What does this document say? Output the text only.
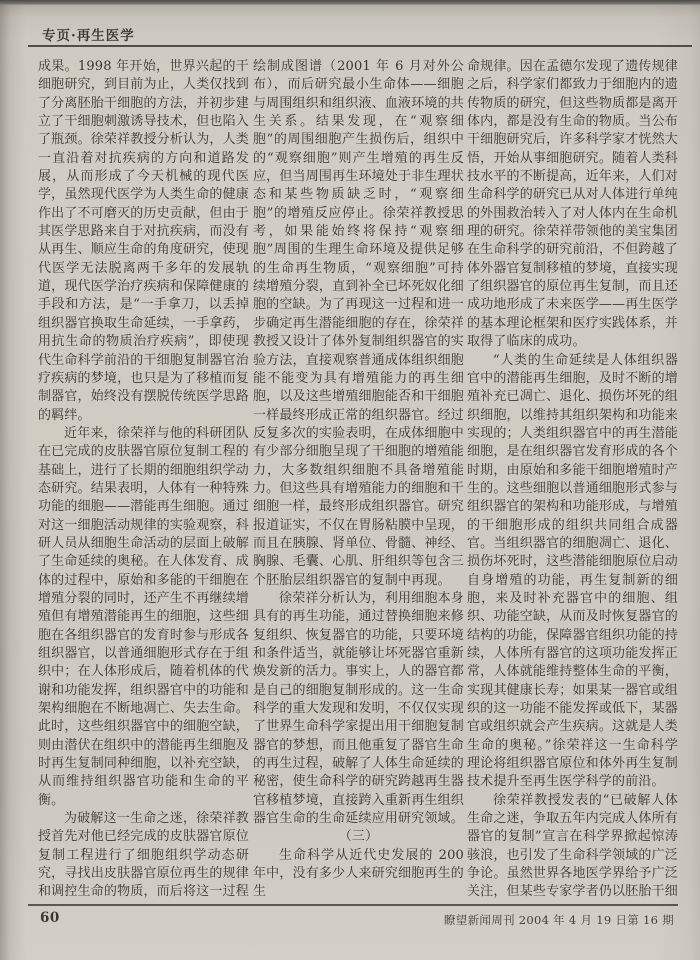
专页·再生医学

成果。1998 年开始，世界兴起的干细胞研究，到目前为止，人类仅找到了分离胚胎干细胞的方法，并初步建立了干细胞刺激诱导技术，但也陷入了瓶颈。徐荣祥教授分析认为，人类一直沿着对抗疾病的方向和道路发展，从而形成了今天机械的现代医学，虽然现代医学为人类生命的健康作出了不可磨灭的历史贡献，但由于其医学思路来自于对抗疾病，而没有从再生、顺应生命的角度研究，使现代医学无法脱离两千多年的发展轨道，现代医学治疗疾病和保障健康的手段和方法，是“一手拿刀，以丢掉组织器官换取生命延续，一手拿药，用抗生命的物质治疗疾病”，即使现代生命科学前沿的干细胞复制器官治疗疾病的梦境，也只是为了移植而复制器官，始终没有摆脱传统医学思路的羁绊。

近年来，徐荣祥与他的科研团队在已完成的皮肤器官原位复制工程的基础上，进行了长期的细胞组织学动态研究。结果表明，人体有一种特殊功能的细胞——潜能再生细胞。通过对这一细胞活动规律的实验观察，科研人员从细胞生命活动的层面上破解了生命延续的奥秘。在人体发育、成体的过程中，原始和多能的干细胞在增殖分裂的同时，还产生不再继续增殖但有增殖潜能再生的细胞，这些细胞在各组织器官的发育时参与形成各组织器官，以普通细胞形式存在于组织中；在人体形成后，随着机体的代谢和功能发挥，组织器官中的功能和架构细胞在不断地凋亡、失去生命。此时，这些组织器官中的细胞空缺，则由潜伏在组织中的潜能再生细胞及时再生复制同种细胞，以补充空缺，从而维持组织器官功能和生命的平衡。

为破解这一生命之迷，徐荣祥教授首先对他已经完成的皮肤器官原位复制工程进行了细胞组织学动态研究，寻找出皮肤器官原位再生的规律和调控生命的物质，而后将这一过程

绘制成图谱（2001 年 6 月对外公布），而后研究最小生命体——细胞与周围组织和组织液、血液环境的共生关系。结果发现，在“观察细胞”的周围细胞产生损伤后，组织中的“观察细胞”则产生增殖的再生反应，但当周围再生环境处于非生理状态和某些物质缺乏时，“观察细胞”的增殖反应停止。徐荣祥教授思考，如果能始终将保持“观察细胞”周围的生理生命环境及提供足够的生命再生物质，“观察细胞”可持续增殖分裂，直到补全已坏死奴化细胞的空缺。为了再现这一过程和进一步确定再生潜能细胞的存在，徐荣祥教授又设计了体外复制组织器官的实验方法，直接观察普通成体组织细胞能不能变为具有增殖能力的再生细胞，以及这些增殖细胞能否和干细胞一样最终形成正常的组织器官。经过反复多次的实验表明，在成体细胞中有少部分细胞呈现了干细胞的增殖能力，大多数组织细胞不具备增殖能力。但这些具有增殖能力的细胞和干细胞一样，最终形成组织器官。研究报道证实，不仅在胃肠粘膜中呈现，而且在胰腺、肾单位、骨髓、神经、胸腺、毛囊、心肌、肝组织等包含三个胚胎层组织器官的复制中再现。

徐荣祥分析认为，利用细胞本身具有的再生功能，通过替换细胞来修复组织、恢复器官的功能，只要环境和条件适当，就能够让坏死器官重新焕发新的活力。事实上，人的器官都是自己的细胞复制形成的。这一生命科学的重大发现和发明，不仅仅实现了世界生命科学家提出用干细胞复制器官的梦想，而且他重复了器官生命的再生过程，破解了人体生命延续的秘密，使生命科学的研究跨越再生器官移植梦境，直接跨入重新再生组织器官生命的生命延续应用研究领域。

（三）

生命科学从近代史发展的 200 年中，没有多少人来研究细胞再生的生

命规律。因在孟德尔发现了遗传规律之后，科学家们都致力于细胞内的遗传物质的研究，但这些物质都是离开体内，都是没有生命的物质。当公布干细胞研究后，许多科学家才恍然大悟，开始从事细胞研究。随着人类科技水平的不断提高，近年来，人们对生命科学的研究已从对人体进行单纯的外围救治转入了对人体内在生命机理的研究。徐荣祥带领他的美宝集团在生命科学的研究前沿，不但跨越了体外器官复制移植的梦境，直接实现了组织器官的原位再生复制，而且还成功地形成了未来医学——再生医学的基本理论框架和医疗实践体系，并取得了临床的成功。

“人类的生命延续是人体组织器官中的潜能再生细胞，及时不断的增殖补充已凋亡、退化、损伤坏死的组织细胞，以维持其组织架构和功能来实现的；人类组织器官中的再生潜能细胞，是在组织器官发育形成的各个时期，由原始和多能干细胞增殖时产生的。这些细胞以普通细胞形式参与组织器官的架构和功能形成，与增殖的干细胞形成的组织共同组合成器官。当组织器官的细胞凋亡、退化、损伤坏死时，这些潜能细胞原位启动自身增殖的功能，再生复制新的细胞，来及时补充器官中的细胞、组织、功能空缺，从而及时恢复器官的结构的功能，保障器官组织功能的持续，人体所有器官的这项功能发挥正常，人体就能维持整体生命的平衡，实现其健康长寿；如果某一器官或组织的这一功能不能发挥或低下，某器官或组织就会产生疾病。这就是人类生命的奥秘。”徐荣祥这一生命科学理论将组织器官原位和体外再生复制技术提升至再生医学科学的前沿。

徐荣祥教授发表的“已破解人体生命之迷，争取五年内完成人体所有器官的复制”宣言在科学界掀起惊涛骇浪，也引发了生命科学领域的广泛争论。虽然世界各地医学界给予广泛关注，但某些专家学者仍以胚胎干细

60	瞭望新闻周刊 2004 年 4 月 19 日第 16 期
